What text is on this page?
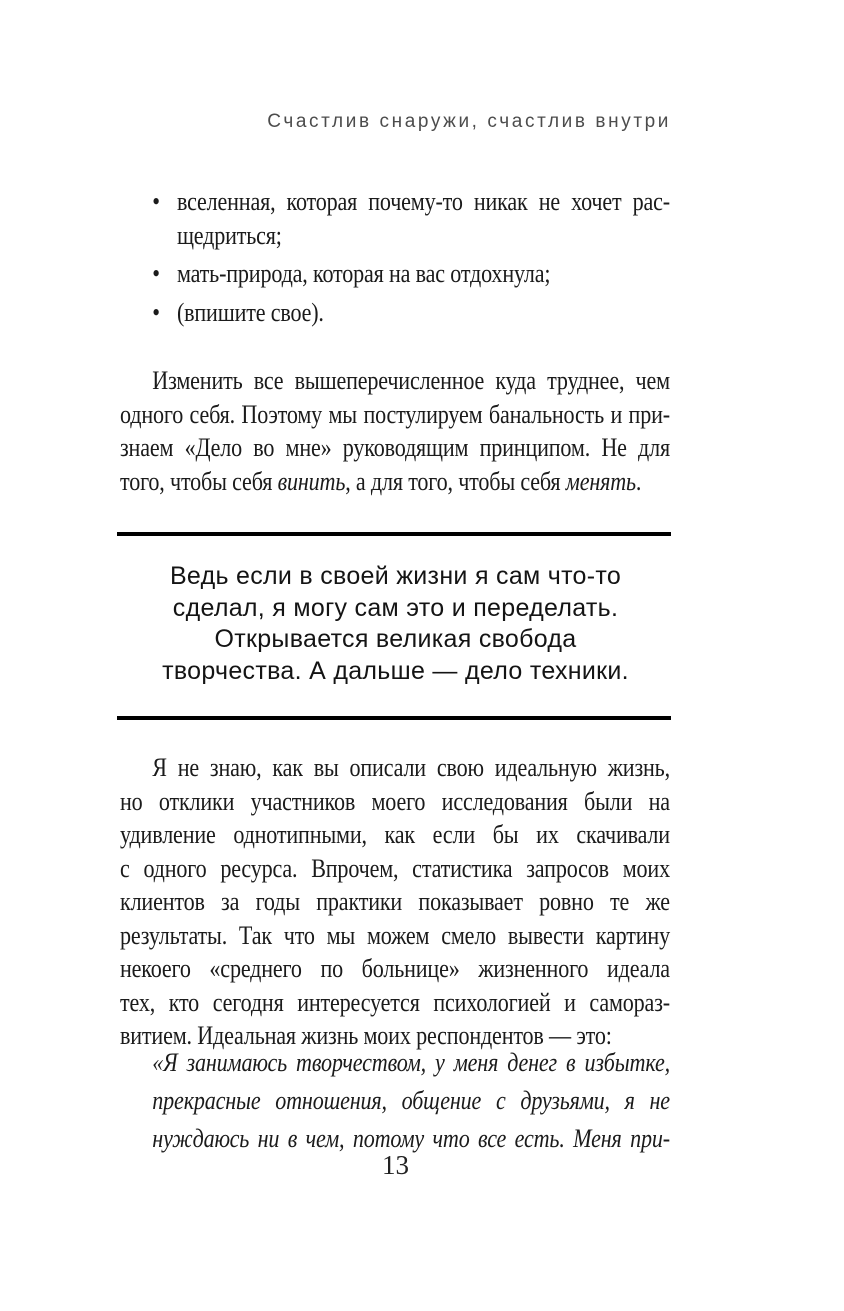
Счастлив снаружи, счастлив внутри
• вселенная, которая почему-то никак не хочет рас-
щедриться;
• мать-природа, которая на вас отдохнула;
• (впишите свое).
Изменить все вышеперечисленное куда труднее, чем
одного себя. Поэтому мы постулируем банальность и при-
знаем «Дело во мне» руководящим принципом. Не для
того, чтобы себя винить, а для того, чтобы себя менять.
Ведь если в своей жизни я сам что-то
сделал, я могу сам это и переделать.
Открывается великая свобода
творчества. А дальше — дело техники.
Я не знаю, как вы описали свою идеальную жизнь,
но отклики участников моего исследования были на
удивление однотипными, как если бы их скачивали
с одного ресурса. Впрочем, статистика запросов моих
клиентов за годы практики показывает ровно те же
результаты. Так что мы можем смело вывести картину
некоего «среднего по больнице» жизненного идеала
тех, кто сегодня интересуется психологией и самораз-
витием. Идеальная жизнь моих респондентов — это:
«Я занимаюсь творчеством, у меня денег в избытке,
прекрасные отношения, общение с друзьями, я не
нуждаюсь ни в чем, потому что все есть. Меня при-
13
